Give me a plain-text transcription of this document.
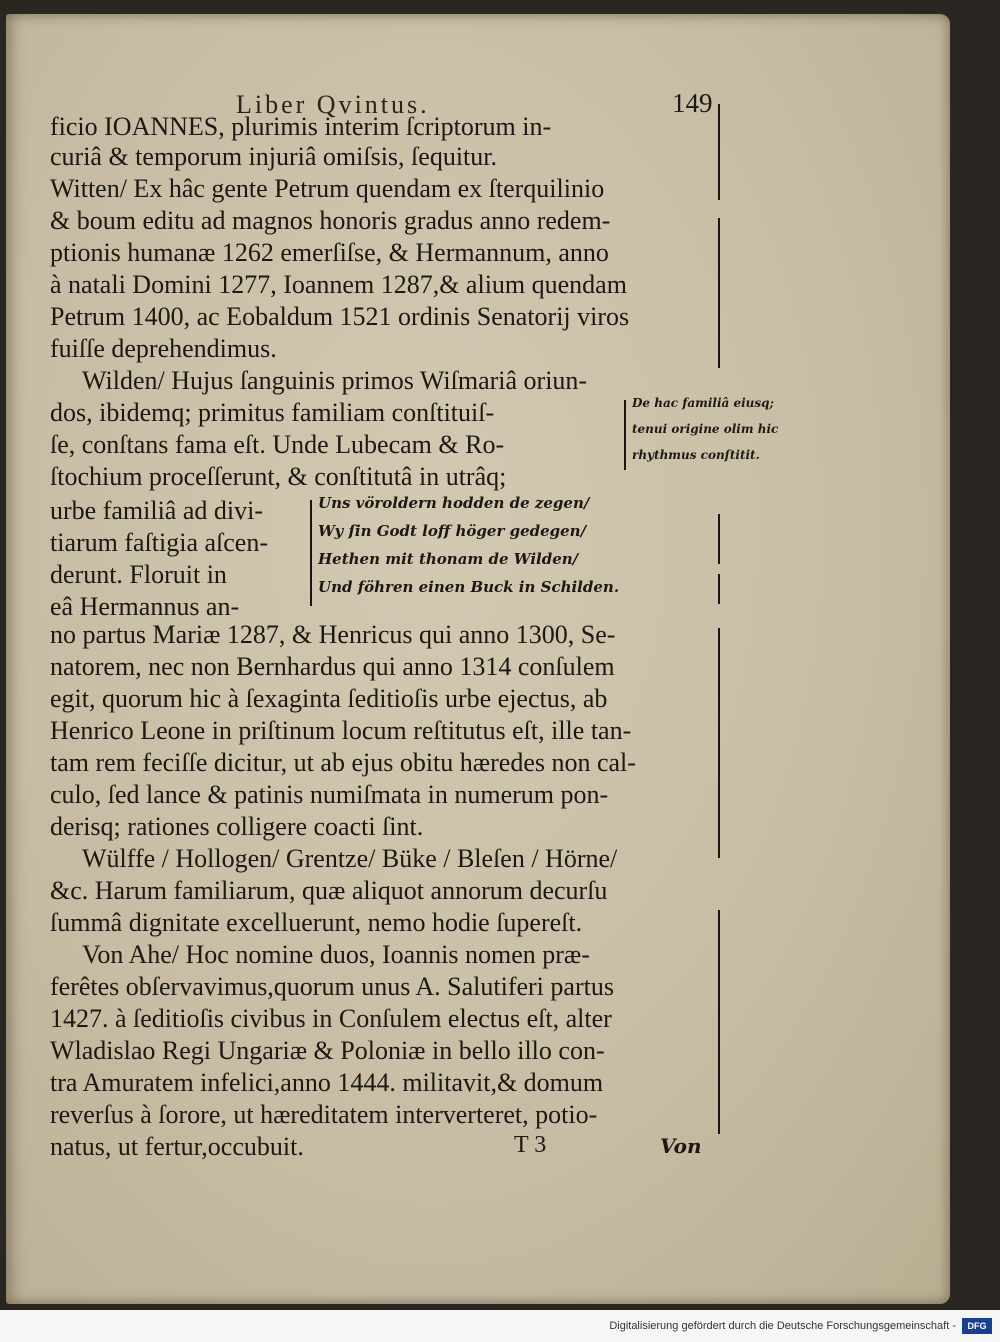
Liber Qvintus.	149
ficio IOANNES, plurimis interim ſcriptorum in-
curiâ & temporum injuriâ omiſsis, ſequitur.
Witten/ Ex hâc gente Petrum quendam ex ſterquilinio
& boum editu ad magnos honoris gradus anno redem-
ptionis humanæ 1262 emerſiſse, & Hermannum, anno
à natali Domini 1277, Ioannem 1287,& alium quendam
Petrum 1400, ac Eobaldum 1521 ordinis Senatorij viros
fuiſſe deprehendimus.
Wilden/ Hujus ſanguinis primos Wiſmariâ oriun-
dos, ibidemq; primitus familiam conſtituiſ-
ſe, conſtans fama eſt. Unde Lubecam & Ro-
ſtochium proceſſerunt, & conſtitutâ in utrâq;
urbe familiâ ad divi-
tiarum faſtigia aſcen-
derunt. Floruit in
eâ Hermannus an-
De hac familiâ eiusq;
tenui origine olim hic
rhythmus conſtitit.
Uns vöroldern hodden de zegen/
Wy ſin Godt loff höger gedegen/
Hethen mit thonam de Wilden/
Und föhren einen Buck in Schilden.
no partus Mariæ 1287, & Henricus qui anno 1300, Se-
natorem, nec non Bernhardus qui anno 1314 conſulem
egit, quorum hic à ſexaginta ſeditioſis urbe ejectus, ab
Henrico Leone in priſtinum locum reſtitutus eſt, ille tan-
tam rem feciſſe dicitur, ut ab ejus obitu hæredes non cal-
culo, ſed lance & patinis numiſmata in numerum pon-
derisq; rationes colligere coacti ſint.
Wülffe / Hollogen/ Grentze/ Büke / Bleſen / Hörne/
&c. Harum familiarum, quæ aliquot annorum decurſu
ſummâ dignitate excelluerunt, nemo hodie ſupereſt.
Von Ahe/ Hoc nomine duos, Ioannis nomen præ-
ferêtes obſervavimus,quorum unus A. Salutiferi partus
1427. à ſeditioſis civibus in Conſulem electus eſt, alter
Wladislao Regi Ungariæ & Poloniæ in bello illo con-
tra Amuratem infelici,anno 1444. militavit,& domum
reverſus à ſorore, ut hæreditatem interverteret, potio-
natus, ut fertur,occubuit.	T 3	Von
Digitalisierung gefördert durch die Deutsche Forschungsgemeinschaft -	DFG
